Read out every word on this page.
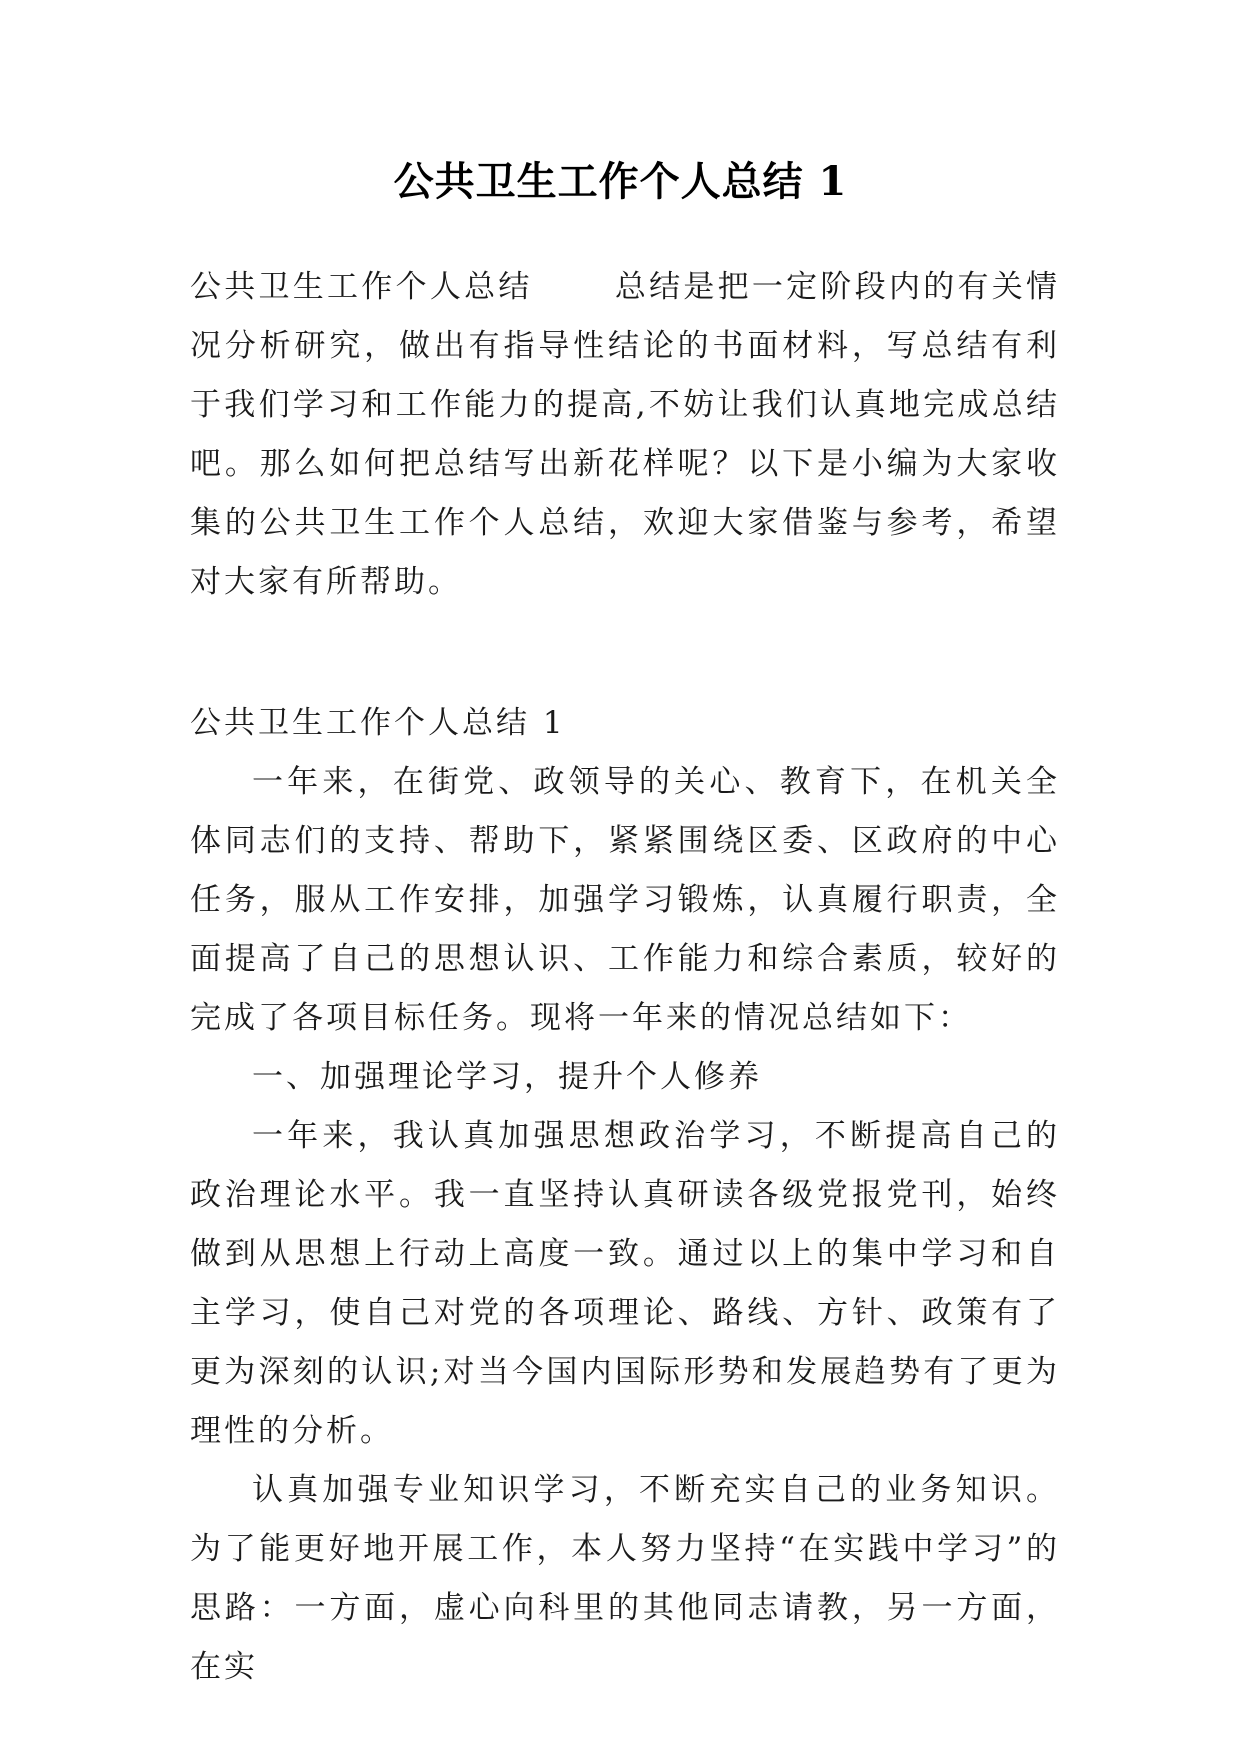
公共卫生工作个人总结 1
公共卫生工作个人总结	总结是把一定阶段内的有关情况分析研究，做出有指导性结论的书面材料，写总结有利于我们学习和工作能力的提高,不妨让我们认真地完成总结吧。那么如何把总结写出新花样呢？以下是小编为大家收集的公共卫生工作个人总结，欢迎大家借鉴与参考，希望对大家有所帮助。
公共卫生工作个人总结 1

一年来，在街党、政领导的关心、教育下，在机关全体同志们的支持、帮助下，紧紧围绕区委、区政府的中心任务，服从工作安排，加强学习锻炼，认真履行职责，全面提高了自己的思想认识、工作能力和综合素质，较好的完成了各项目标任务。现将一年来的情况总结如下：

一、加强理论学习，提升个人修养

一年来，我认真加强思想政治学习，不断提高自己的政治理论水平。我一直坚持认真研读各级党报党刊，始终做到从思想上行动上高度一致。通过以上的集中学习和自主学习，使自己对党的各项理论、路线、方针、政策有了更为深刻的认识;对当今国内国际形势和发展趋势有了更为理性的分析。

认真加强专业知识学习，不断充实自己的业务知识。为了能更好地开展工作，本人努力坚持“在实践中学习”的思路：一方面，虚心向科里的其他同志请教，另一方面，在实
